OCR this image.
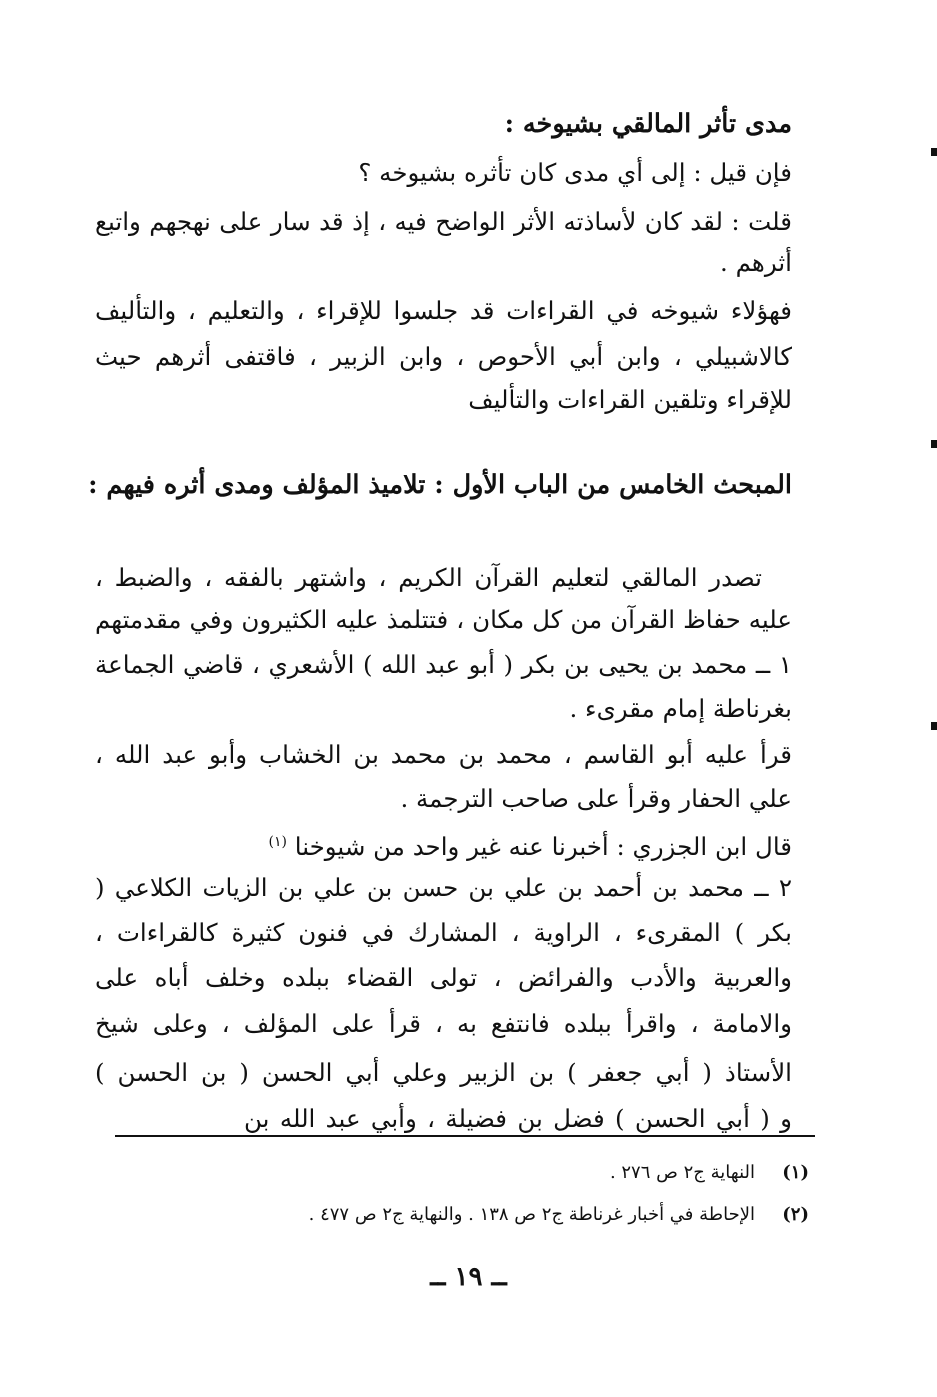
مدى تأثر المالقي بشيوخه :
فإن قيل : إلى أي مدى كان تأثره بشيوخه ؟
قلت : لقد كان لأساذته الأثر الواضح فيه ، إذ قد سار على نهجهم واتبع
أثرهم .
فهؤلاء شيوخه في القراءات قد جلسوا للإقراء ، والتعليم ، والتأليف
كالاشبيلي ، وابن أبي الأحوص ، وابن الزبير ، فاقتفى أثرهم حيث
للإقراء وتلقين القراءات والتأليف
المبحث الخامس من الباب الأول : تلاميذ المؤلف ومدى أثره فيهم :
تصدر المالقي لتعليم القرآن الكريم ، واشتهر بالفقه ، والضبط ،
عليه حفاظ القرآن من كل مكان ، فتتلمذ عليه الكثيرون وفي مقدمتهم
١ ــ محمد بن يحيى بن بكر ( أبو عبد الله ) الأشعري ، قاضي الجماعة
بغرناطة إمام مقرىء .
قرأ عليه أبو القاسم ، محمد بن محمد بن الخشاب وأبو عبد الله ،
علي الحفار وقرأ على صاحب الترجمة .
قال ابن الجزري : أخبرنا عنه غير واحد من شيوخنا $^{(١)}$
٢ ــ محمد بن أحمد بن علي بن حسن بن علي بن الزيات الكلاعي (
بكر ) المقرىء ، الراوية ، المشارك في فنون كثيرة كالقراءات ،
والعربية والأدب والفرائض ، تولى القضاء ببلده وخلف أباه على
والامامة ، واقرأ ببلده فانتفع به ، قرأ على المؤلف ، وعلى شيخ
الأستاذ ( أبي جعفر ) بن الزبير وعلي أبي الحسن ( بن الحسن )
و ( أبي الحسن ) فضل بن فضيلة ، وأبي عبد الله بن
(١)
النهاية ج٢ ص ٢٧٦ .
(٢)
الإحاطة في أخبار غرناطة ج٢ ص ١٣٨ . والنهاية ج٢ ص ٤٧٧ .
ــ ١٩ ــ
